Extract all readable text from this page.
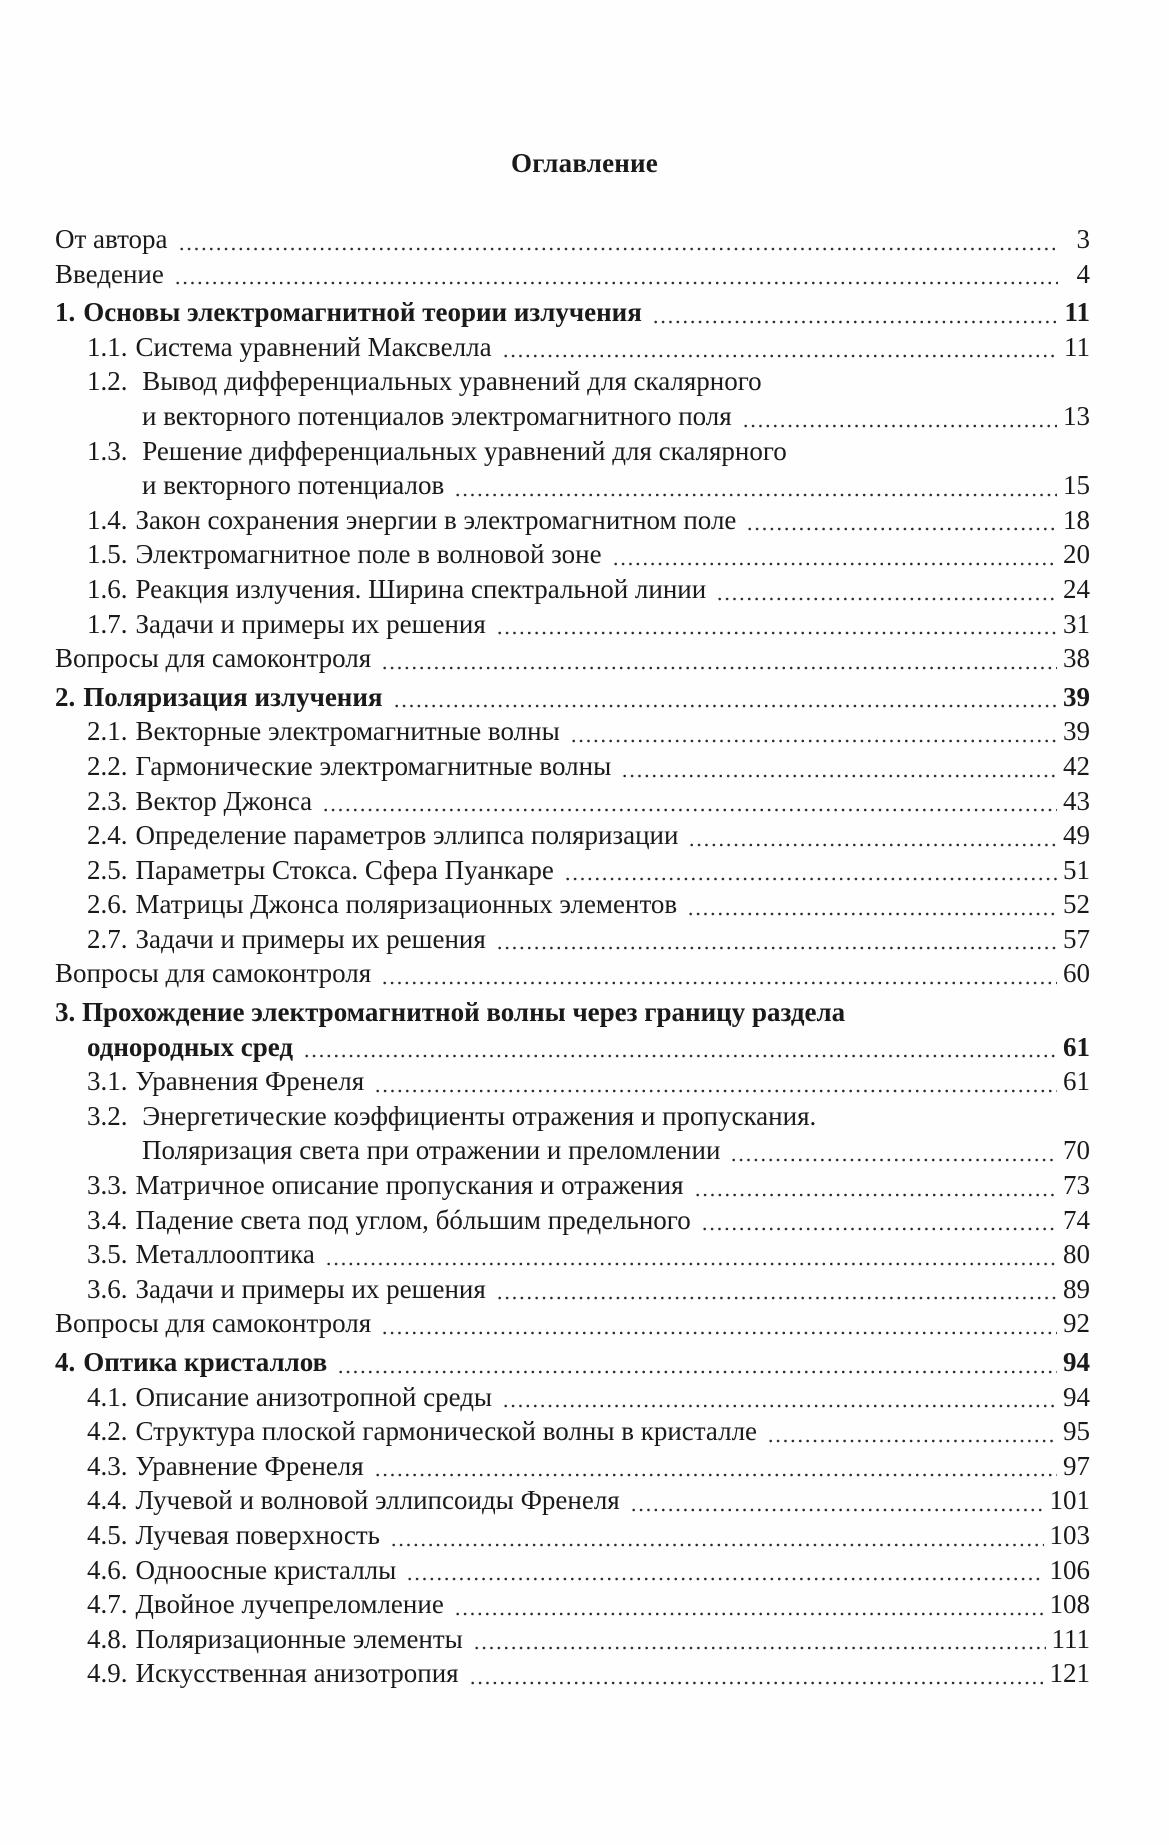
Оглавление
От автора	3
Введение	4
1. Основы электромагнитной теории излучения	11
1.1. Система уравнений Максвелла	11
1.2. Вывод дифференциальных уравнений для скалярного
и векторного потенциалов электромагнитного поля	13
1.3. Решение дифференциальных уравнений для скалярного
и векторного потенциалов	15
1.4. Закон сохранения энергии в электромагнитном поле	18
1.5. Электромагнитное поле в волновой зоне	20
1.6. Реакция излучения. Ширина спектральной линии	24
1.7. Задачи и примеры их решения	31
Вопросы для самоконтроля	38
2. Поляризация излучения	39
2.1. Векторные электромагнитные волны	39
2.2. Гармонические электромагнитные волны	42
2.3. Вектор Джонса	43
2.4. Определение параметров эллипса поляризации	49
2.5. Параметры Стокса. Сфера Пуанкаре	51
2.6. Матрицы Джонса поляризационных элементов	52
2.7. Задачи и примеры их решения	57
Вопросы для самоконтроля	60
3. Прохождение электромагнитной волны через границу раздела
однородных сред	61
3.1. Уравнения Френеля	61
3.2. Энергетические коэффициенты отражения и пропускания.
Поляризация света при отражении и преломлении	70
3.3. Матричное описание пропускания и отражения	73
3.4. Падение света под углом, бóльшим предельного	74
3.5. Металлооптика	80
3.6. Задачи и примеры их решения	89
Вопросы для самоконтроля	92
4. Оптика кристаллов	94
4.1. Описание анизотропной среды	94
4.2. Структура плоской гармонической волны в кристалле	95
4.3. Уравнение Френеля	97
4.4. Лучевой и волновой эллипсоиды Френеля	101
4.5. Лучевая поверхность	103
4.6. Одноосные кристаллы	106
4.7. Двойное лучепреломление	108
4.8. Поляризационные элементы	111
4.9. Искусственная анизотропия	121
